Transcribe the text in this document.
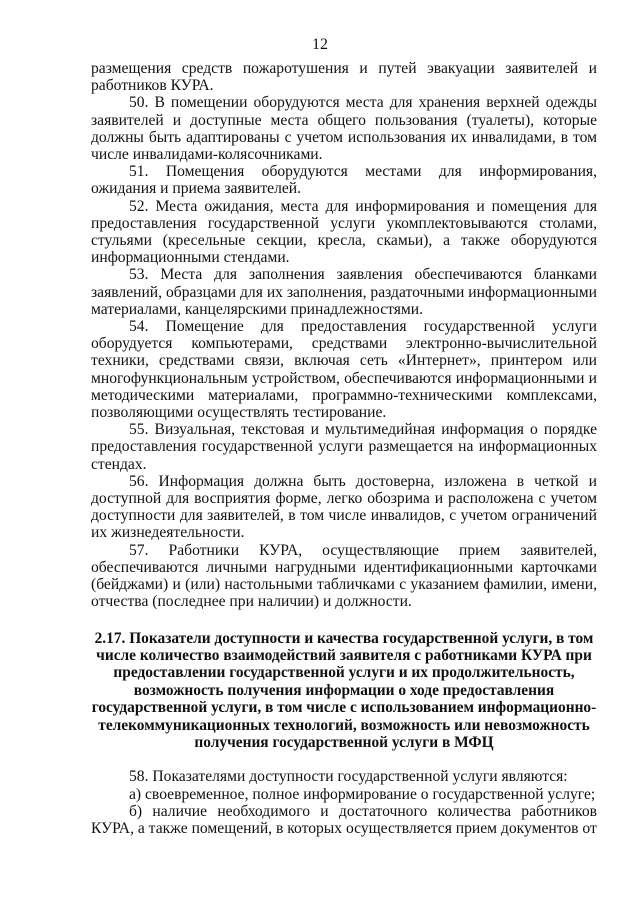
12

размещения средств пожаротушения и путей эвакуации заявителей и работников КУРА.

50. В помещении оборудуются места для хранения верхней одежды заявителей и доступные места общего пользования (туалеты), которые должны быть адаптированы с учетом использования их инвалидами, в том числе инвалидами-колясочниками.

51. Помещения оборудуются местами для информирования, ожидания и приема заявителей.

52. Места ожидания, места для информирования и помещения для предоставления государственной услуги укомплектовываются столами, стульями (кресельные секции, кресла, скамьи), а также оборудуются информационными стендами.

53. Места для заполнения заявления обеспечиваются бланками заявлений, образцами для их заполнения, раздаточными информационными материалами, канцелярскими принадлежностями.

54. Помещение для предоставления государственной услуги оборудуется компьютерами, средствами электронно-вычислительной техники, средствами связи, включая сеть «Интернет», принтером или многофункциональным устройством, обеспечиваются информационными и методическими материалами, программно-техническими комплексами, позволяющими осуществлять тестирование.

55. Визуальная, текстовая и мультимедийная информация о порядке предоставления государственной услуги размещается на информационных стендах.

56. Информация должна быть достоверна, изложена в четкой и доступной для восприятия форме, легко обозрима и расположена с учетом доступности для заявителей, в том числе инвалидов, с учетом ограничений их жизнедеятельности.

57. Работники КУРА, осуществляющие прием заявителей, обеспечиваются личными нагрудными идентификационными карточками (бейджами) и (или) настольными табличками с указанием фамилии, имени, отчества (последнее при наличии) и должности.

2.17. Показатели доступности и качества государственной услуги, в том числе количество взаимодействий заявителя с работниками КУРА при предоставлении государственной услуги и их продолжительность, возможность получения информации о ходе предоставления государственной услуги, в том числе с использованием информационно-телекоммуникационных технологий, возможность или невозможность получения государственной услуги в МФЦ

58. Показателями доступности государственной услуги являются:

а) своевременное, полное информирование о государственной услуге;

б) наличие необходимого и достаточного количества работников КУРА, а также помещений, в которых осуществляется прием документов от
